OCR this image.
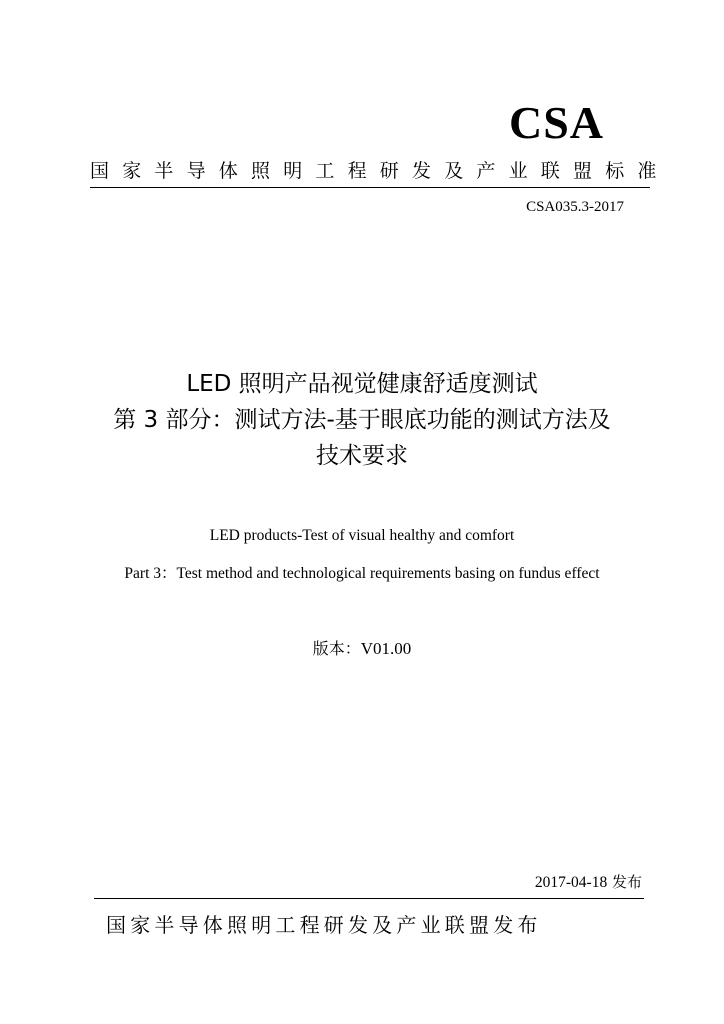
CSA
国家半导体照明工程研发及产业联盟标准
CSA035.3-2017
LED 照明产品视觉健康舒适度测试
第 3 部分：测试方法-基于眼底功能的测试方法及
技术要求
LED products-Test of visual healthy and comfort
Part 3：Test method and technological requirements basing on fundus effect
版本：V01.00
2017-04-18 发布
国家半导体照明工程研发及产业联盟发布
